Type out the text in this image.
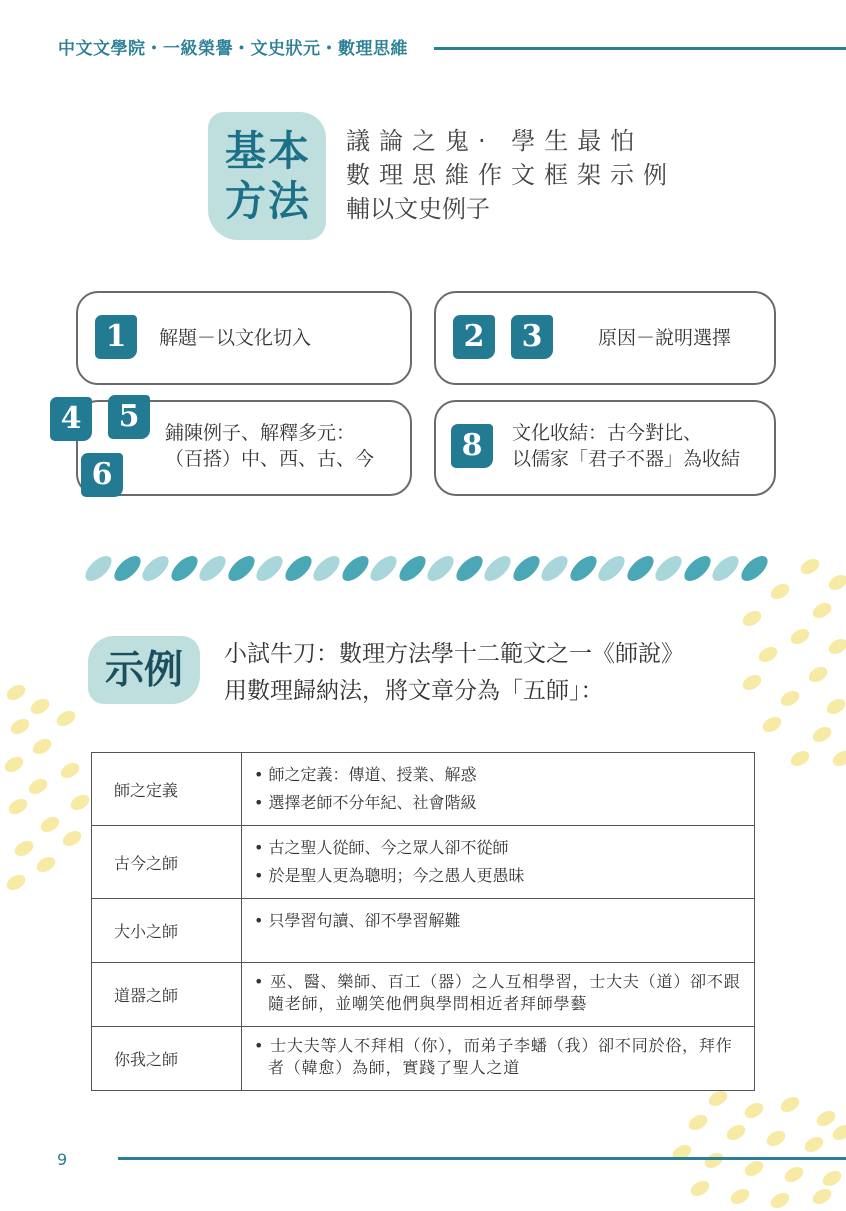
中文文學院・一級榮譽・文史狀元・數理思維
基本
方法
議論之鬼· 學生最怕
數理思維作文框架示例
輔以文史例子
1	解題－以文化切入	2	3	原因－說明選擇
4	5
6
鋪陳例子、解釋多元：
（百搭）中、西、古、今	8	文化收結：古今對比、
以儒家「君子不器」為收結
示例	小試牛刀：數理方法學十二範文之一《師說》
用數理歸納法，將文章分為「五師」：
師之定義	• 師之定義：傳道、授業、解惑
• 選擇老師不分年紀、社會階級

古今之師	• 古之聖人從師、今之眾人卻不從師
• 於是聖人更為聰明；今之愚人更愚昧

大小之師	• 只學習句讀、卻不學習解難

道器之師	• 巫、醫、樂師、百工（器）之人互相學習，士大夫（道）卻不跟隨老師，並嘲笑他們與學問相近者拜師學藝

你我之師	• 士大夫等人不拜相（你），而弟子李蟠（我）卻不同於俗，拜作者（韓愈）為師，實踐了聖人之道
9
